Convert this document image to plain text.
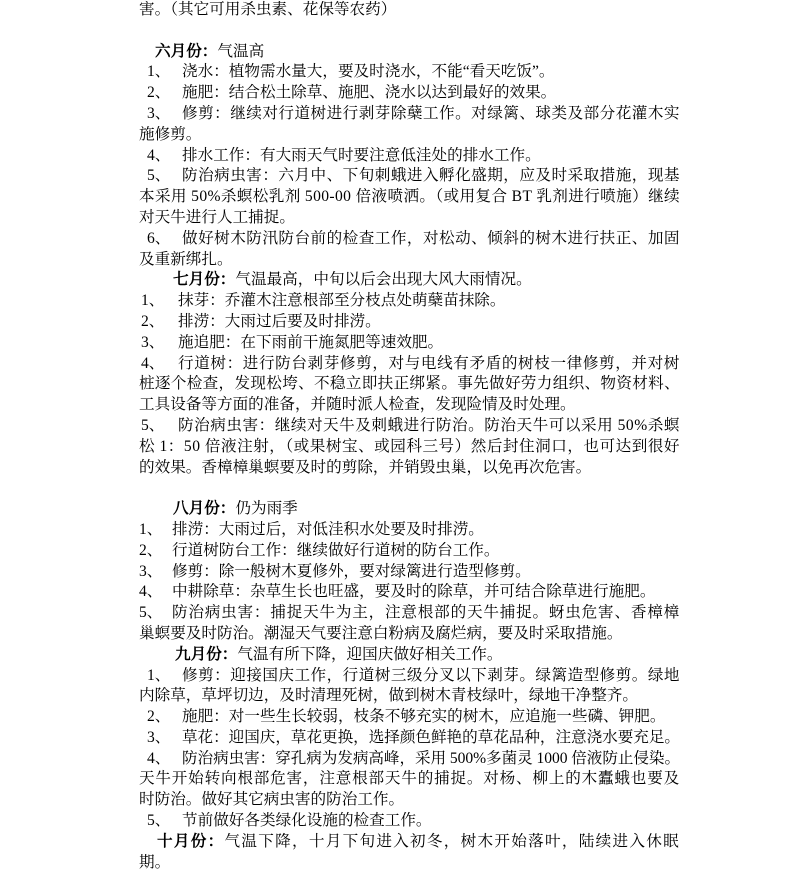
害。（其它可用杀虫素、花保等农药）
六月份：气温高
1、 浇水：植物需水量大，要及时浇水，不能“看天吃饭”。
2、 施肥：结合松土除草、施肥、浇水以达到最好的效果。
3、 修剪：继续对行道树进行剥芽除蘖工作。对绿篱、球类及部分花灌木实
施修剪。
4、 排水工作：有大雨天气时要注意低洼处的排水工作。
5、 防治病虫害：六月中、下旬刺蛾进入孵化盛期，应及时采取措施，现基
本采用 50%杀螟松乳剂 500-00 倍液喷洒。（或用复合 BT 乳剂进行喷施）继续
对天牛进行人工捕捉。
6、 做好树木防汛防台前的检查工作，对松动、倾斜的树木进行扶正、加固
及重新绑扎。
七月份：气温最高，中旬以后会出现大风大雨情况。
1、 抹芽：乔灌木注意根部至分枝点处萌蘖苗抹除。
2、 排涝：大雨过后要及时排涝。
3、 施追肥：在下雨前干施氮肥等速效肥。
4、 行道树：进行防台剥芽修剪，对与电线有矛盾的树枝一律修剪，并对树
桩逐个检查，发现松垮、不稳立即扶正绑紧。事先做好劳力组织、物资材料、
工具设备等方面的准备，并随时派人检查，发现险情及时处理。
5、 防治病虫害：继续对天牛及刺蛾进行防治。防治天牛可以采用 50%杀螟
松 1：50 倍液注射，（或果树宝、或园科三号）然后封住洞口，也可达到很好
的效果。香樟樟巢螟要及时的剪除，并销毁虫巢，以免再次危害。
八月份：仍为雨季
1、 排涝：大雨过后，对低洼积水处要及时排涝。
2、 行道树防台工作：继续做好行道树的防台工作。
3、 修剪：除一般树木夏修外，要对绿篱进行造型修剪。
4、 中耕除草：杂草生长也旺盛，要及时的除草，并可结合除草进行施肥。
5、 防治病虫害：捕捉天牛为主，注意根部的天牛捕捉。蚜虫危害、香樟樟
巢螟要及时防治。潮湿天气要注意白粉病及腐烂病，要及时采取措施。
九月份：气温有所下降，迎国庆做好相关工作。
1、 修剪：迎接国庆工作，行道树三级分叉以下剥芽。绿篱造型修剪。绿地
内除草，草坪切边，及时清理死树，做到树木青枝绿叶，绿地干净整齐。
2、 施肥：对一些生长较弱，枝条不够充实的树木，应追施一些磷、钾肥。
3、 草花：迎国庆，草花更换，选择颜色鲜艳的草花品种，注意浇水要充足。
4、 防治病虫害：穿孔病为发病高峰，采用 500%多菌灵 1000 倍液防止侵染。
天牛开始转向根部危害，注意根部天牛的捕捉。对杨、柳上的木蠹蛾也要及
时防治。做好其它病虫害的防治工作。
5、 节前做好各类绿化设施的检查工作。
十月份：气温下降，十月下旬进入初冬，树木开始落叶，陆续进入休眠
期。
